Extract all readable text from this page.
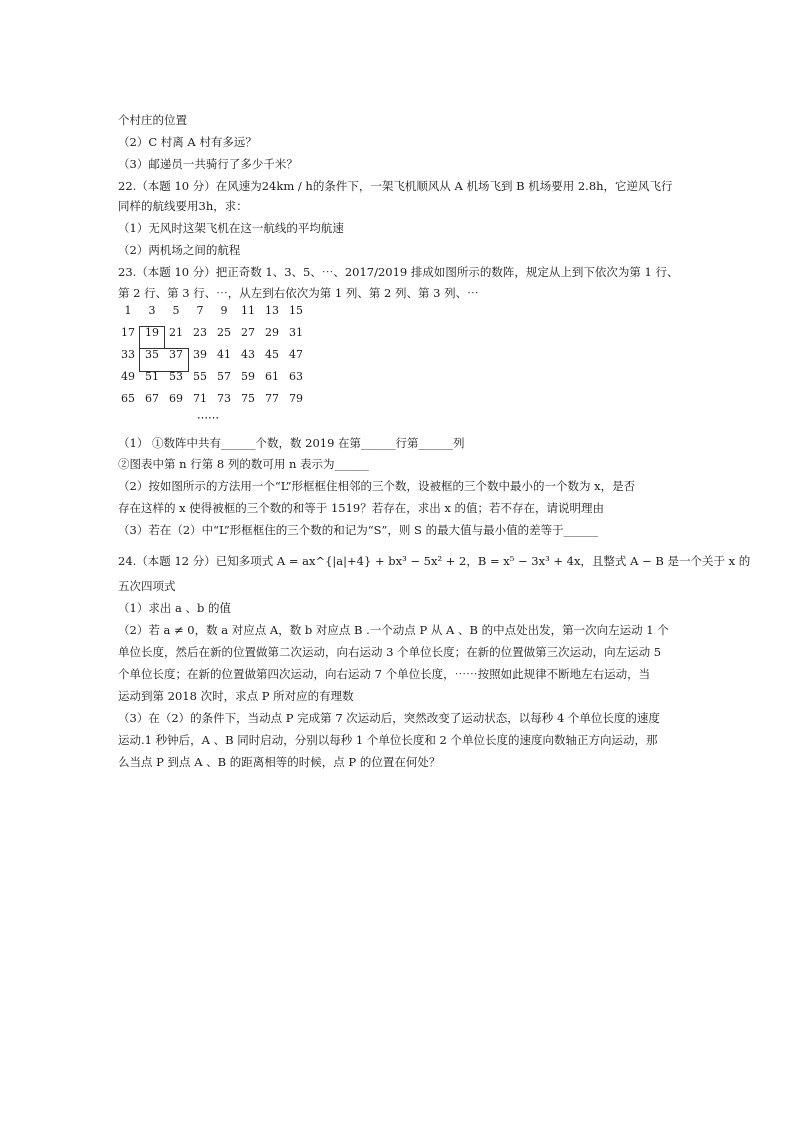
个村庄的位置
（2）C 村离 A 村有多远？
（3）邮递员一共骑行了多少千米？
22.（本题 10 分）在风速为24km / h的条件下，一架飞机顺风从 A 机场飞到 B 机场要用 2.8h，它逆风飞行
同样的航线要用3h，求：
（1）无风时这架飞机在这一航线的平均航速
（2）两机场之间的航程
23.（本题 10 分）把正奇数 1、3、5、⋯、2017/2019 排成如图所示的数阵，规定从上到下依次为第 1 行、
第 2 行、第 3 行、⋯，从左到右依次为第 1 列、第 2 列、第 3 列、⋯
1	3	5	7	9	11 13 15
17 19 21 23 25 27 29 31
33 35 37 39 41 43 45 47
49 51 53 55 57 59 61 63
65 67 69 71 73 75 77 79
⋯⋯
（1） ①数阵中共有______个数，数 2019 在第______行第______列
②图表中第 n 行第 8 列的数可用 n 表示为______
（2）按如图所示的方法用一个“L”形框框住相邻的三个数，设被框的三个数中最小的一个数为 x，是否
存在这样的 x 使得被框的三个数的和等于 1519？若存在，求出 x 的值；若不存在，请说明理由
（3）若在（2）中“L”形框框住的三个数的和记为“S”，则 S 的最大值与最小值的差等于______
24.（本题 12 分）已知多项式 A = ax^{|a|+4} + bx³ − 5x² + 2，B = x⁵ − 3x³ + 4x，且整式 A − B 是一个关于 x 的
五次四项式
（1）求出 a 、b 的值
（2）若 a ≠ 0，数 a 对应点 A，数 b 对应点 B .一个动点 P 从 A 、B 的中点处出发，第一次向左运动 1 个
单位长度，然后在新的位置做第二次运动，向右运动 3 个单位长度；在新的位置做第三次运动，向左运动 5
个单位长度；在新的位置做第四次运动，向右运动 7 个单位长度，⋯⋯按照如此规律不断地左右运动，当
运动到第 2018 次时，求点 P 所对应的有理数
（3）在（2）的条件下，当动点 P 完成第 7 次运动后，突然改变了运动状态，以每秒 4 个单位长度的速度
运动.1 秒钟后，A 、B 同时启动，分别以每秒 1 个单位长度和 2 个单位长度的速度向数轴正方向运动，那
么当点 P 到点 A 、B 的距离相等的时候，点 P 的位置在何处？
